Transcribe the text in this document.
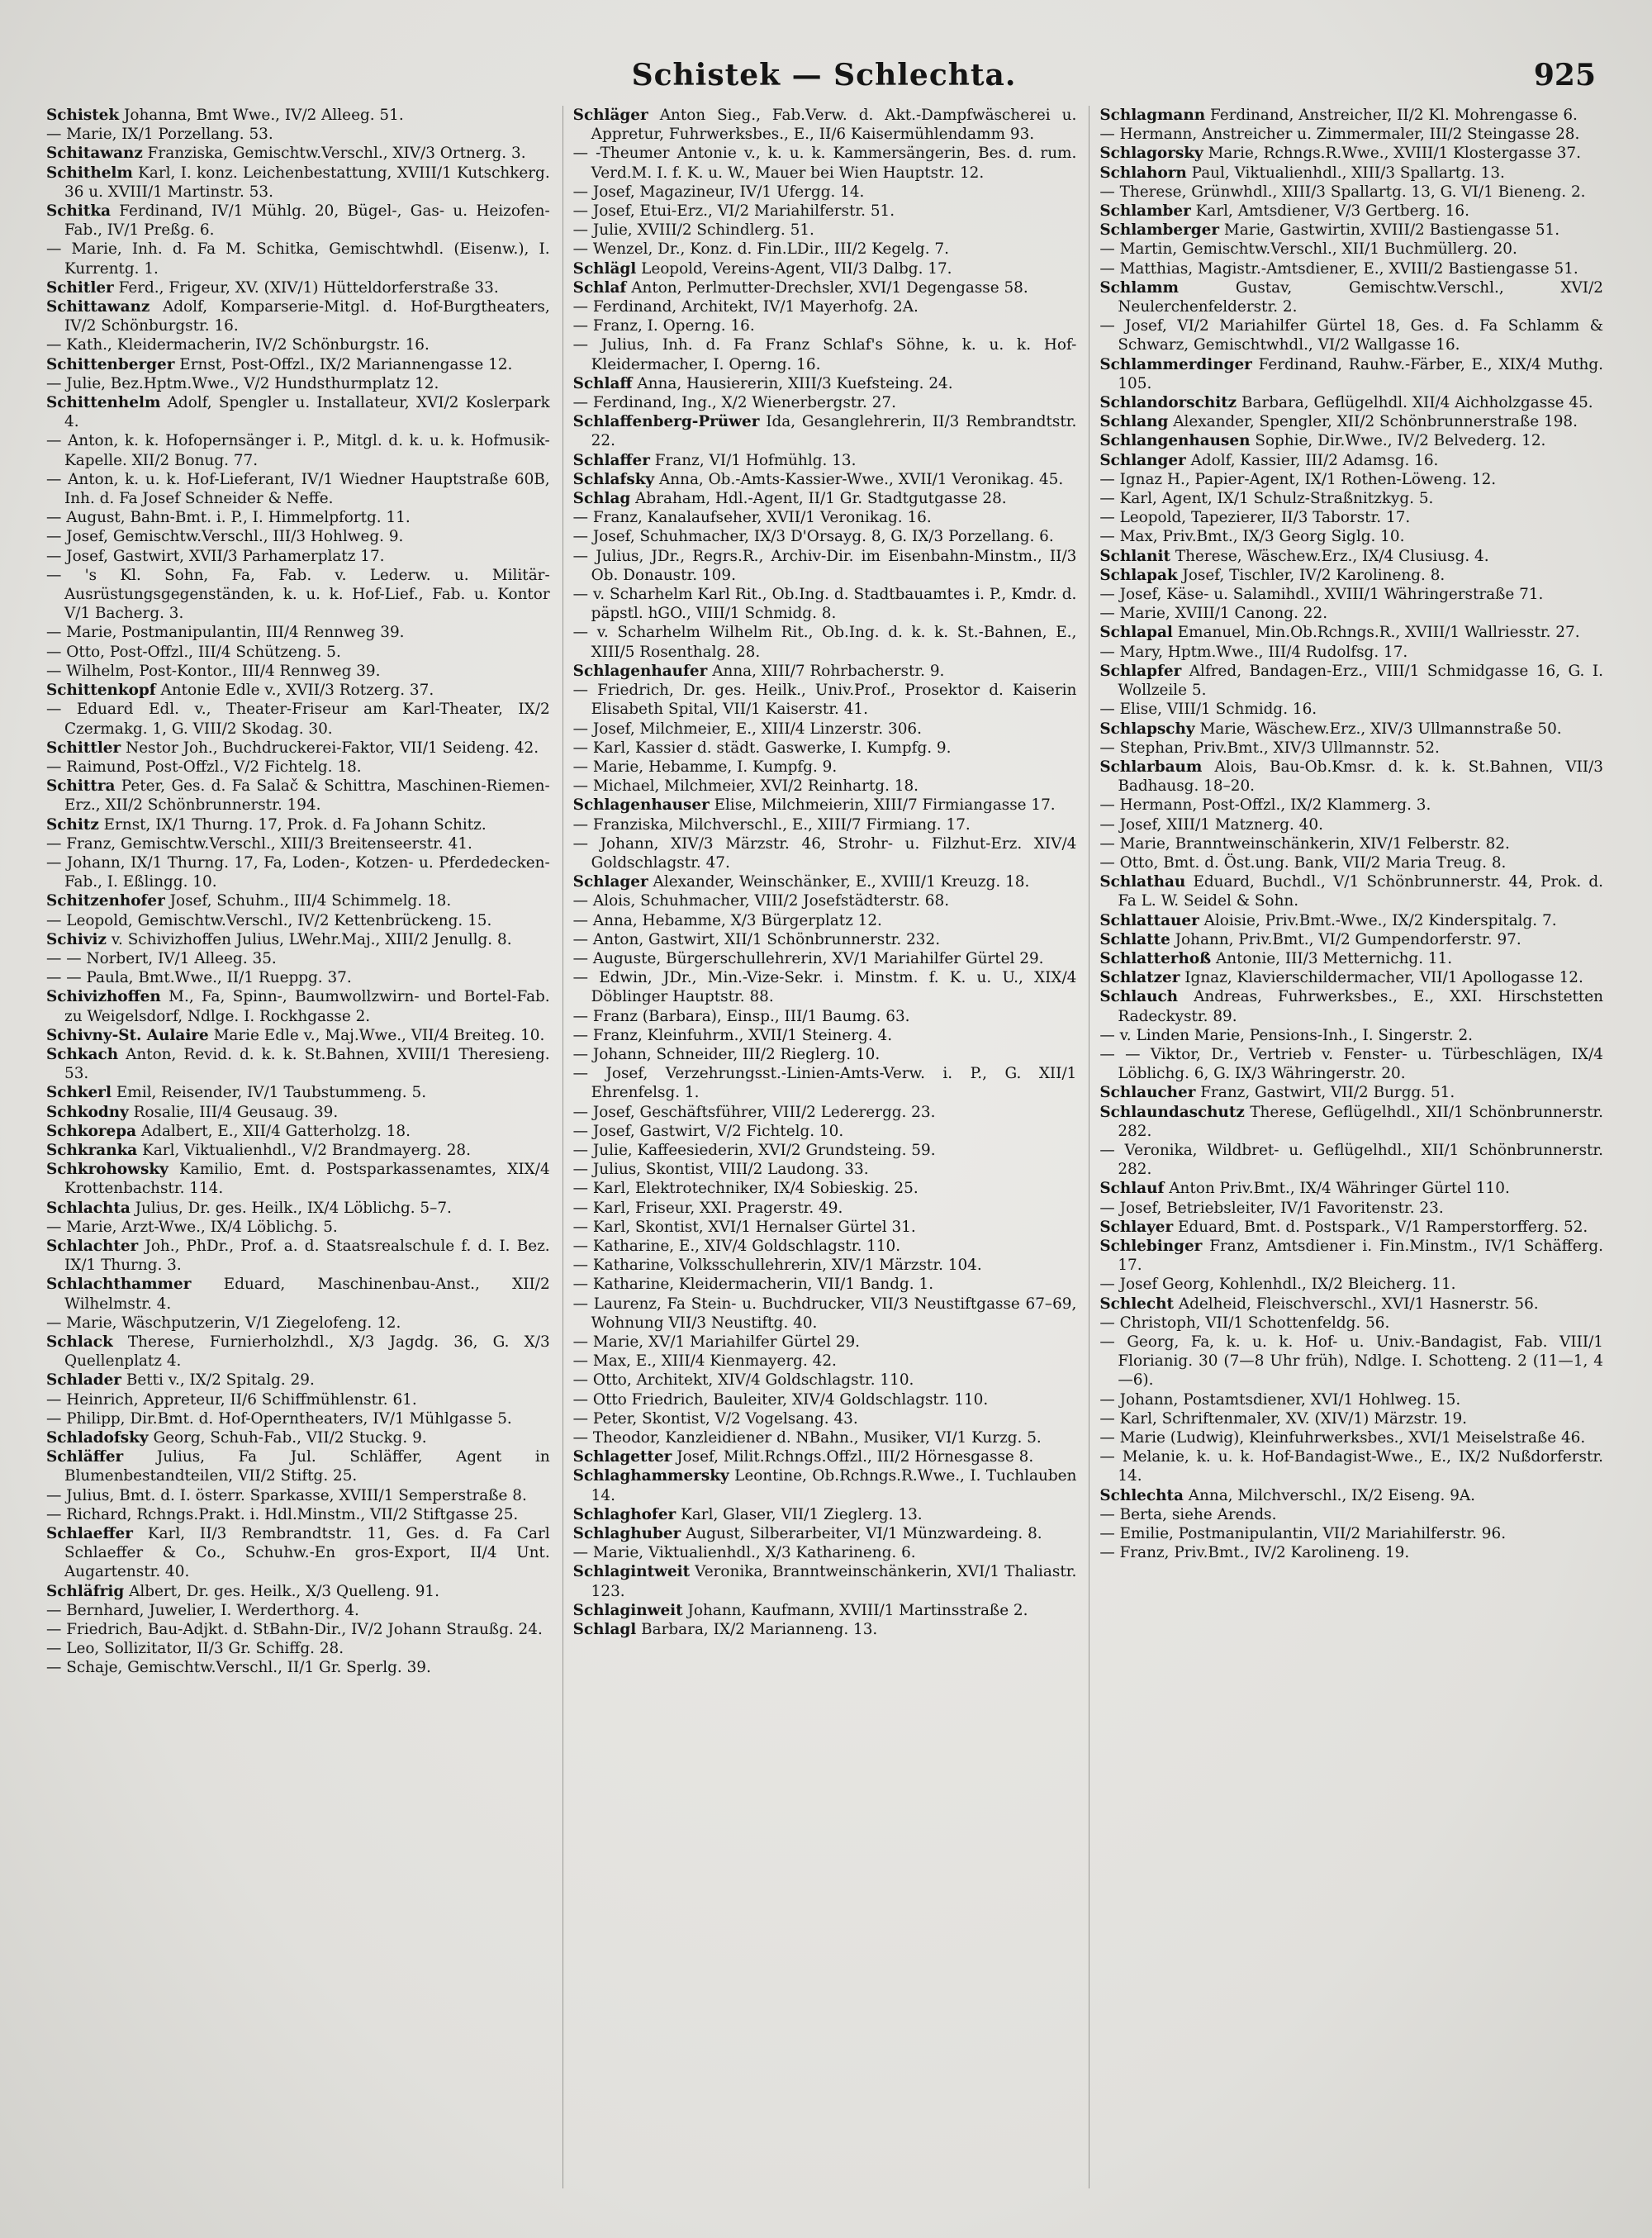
Schistek — Schlechta.	925

Schistek Johanna, Bmt Wwe., IV/2 Alleeg. 51.

— Marie, IX/1 Porzellang. 53.

Schitawanz Franziska, Gemischtw.Verschl., XIV/3 Ortnerg. 3.

Schithelm Karl, I. konz. Leichenbestattung, XVIII/1 Kutschkerg. 36 u. XVIII/1 Martinstr. 53.

Schitka Ferdinand, IV/1 Mühlg. 20, Bügel-, Gas- u. Heizofen-Fab., IV/1 Preßg. 6.

— Marie, Inh. d. Fa M. Schitka, Gemischtwhdl. (Eisenw.), I. Kurrentg. 1.

Schitler Ferd., Frigeur, XV. (XIV/1) Hütteldorferstraße 33.

Schittawanz Adolf, Komparserie-Mitgl. d. Hof-Burgtheaters, IV/2 Schönburgstr. 16.

— Kath., Kleidermacherin, IV/2 Schönburgstr. 16.

Schittenberger Ernst, Post-Offzl., IX/2 Mariannengasse 12.

— Julie, Bez.Hptm.Wwe., V/2 Hundsthurmplatz 12.

Schittenhelm Adolf, Spengler u. Installateur, XVI/2 Koslerpark 4.

— Anton, k. k. Hofopernsänger i. P., Mitgl. d. k. u. k. Hofmusik-Kapelle. XII/2 Bonug. 77.

— Anton, k. u. k. Hof-Lieferant, IV/1 Wiedner Hauptstraße 60B, Inh. d. Fa Josef Schneider & Neffe.

— August, Bahn-Bmt. i. P., I. Himmelpfortg. 11.

— Josef, Gemischtw.Verschl., III/3 Hohlweg. 9.

— Josef, Gastwirt, XVII/3 Parhamerplatz 17.

— 's Kl. Sohn, Fa, Fab. v. Lederw. u. Militär-Ausrüstungsgegenständen, k. u. k. Hof-Lief., Fab. u. Kontor V/1 Bacherg. 3.

— Marie, Postmanipulantin, III/4 Rennweg 39.

— Otto, Post-Offzl., III/4 Schützeng. 5.

— Wilhelm, Post-Kontor., III/4 Rennweg 39.

Schittenkopf Antonie Edle v., XVII/3 Rotzerg. 37.

— Eduard Edl. v., Theater-Friseur am Karl-Theater, IX/2 Czermakg. 1, G. VIII/2 Skodag. 30.

Schittler Nestor Joh., Buchdruckerei-Faktor, VII/1 Seideng. 42.

— Raimund, Post-Offzl., V/2 Fichtelg. 18.

Schittra Peter, Ges. d. Fa Salač & Schittra, Maschinen-Riemen-Erz., XII/2 Schönbrunnerstr. 194.

Schitz Ernst, IX/1 Thurng. 17, Prok. d. Fa Johann Schitz.

— Franz, Gemischtw.Verschl., XIII/3 Breitenseerstr. 41.

— Johann, IX/1 Thurng. 17, Fa, Loden-, Kotzen- u. Pferdedecken-Fab., I. Eßlingg. 10.

Schitzenhofer Josef, Schuhm., III/4 Schimmelg. 18.

— Leopold, Gemischtw.Verschl., IV/2 Kettenbrückeng. 15.

Schiviz v. Schivizhoffen Julius, LWehr.Maj., XIII/2 Jenullg. 8.

— — Norbert, IV/1 Alleeg. 35.

— — Paula, Bmt.Wwe., II/1 Rueppg. 37.

Schivizhoffen M., Fa, Spinn-, Baumwollzwirn- und Bortel-Fab. zu Weigelsdorf, Ndlge. I. Rockhgasse 2.

Schivny-St. Aulaire Marie Edle v., Maj.Wwe., VII/4 Breiteg. 10.

Schkach Anton, Revid. d. k. k. St.Bahnen, XVIII/1 Theresieng. 53.

Schkerl Emil, Reisender, IV/1 Taubstummeng. 5.

Schkodny Rosalie, III/4 Geusaug. 39.

Schkorepa Adalbert, E., XII/4 Gatterholzg. 18.

Schkranka Karl, Viktualienhdl., V/2 Brandmayerg. 28.

Schkrohowsky Kamilio, Emt. d. Postsparkassenamtes, XIX/4 Krottenbachstr. 114.

Schlachta Julius, Dr. ges. Heilk., IX/4 Löblichg. 5–7.

— Marie, Arzt-Wwe., IX/4 Löblichg. 5.

Schlachter Joh., PhDr., Prof. a. d. Staatsrealschule f. d. I. Bez. IX/1 Thurng. 3.

Schlachthammer Eduard, Maschinenbau-Anst., XII/2 Wilhelmstr. 4.

— Marie, Wäschputzerin, V/1 Ziegelofeng. 12.

Schlack Therese, Furnierholzhdl., X/3 Jagdg. 36, G. X/3 Quellenplatz 4.

Schlader Betti v., IX/2 Spitalg. 29.

— Heinrich, Appreteur, II/6 Schiffmühlenstr. 61.

— Philipp, Dir.Bmt. d. Hof-Operntheaters, IV/1 Mühlgasse 5.

Schladofsky Georg, Schuh-Fab., VII/2 Stuckg. 9.

Schläffer Julius, Fa Jul. Schläffer, Agent in Blumenbestandteilen, VII/2 Stiftg. 25.

— Julius, Bmt. d. I. österr. Sparkasse, XVIII/1 Semperstraße 8.

— Richard, Rchngs.Prakt. i. Hdl.Minstm., VII/2 Stiftgasse 25.

Schlaeffer Karl, II/3 Rembrandtstr. 11, Ges. d. Fa Carl Schlaeffer & Co., Schuhw.-En gros-Export, II/4 Unt. Augartenstr. 40.

Schläfrig Albert, Dr. ges. Heilk., X/3 Quelleng. 91.

— Bernhard, Juwelier, I. Werderthorg. 4.

— Friedrich, Bau-Adjkt. d. StBahn-Dir., IV/2 Johann Straußg. 24.

— Leo, Sollizitator, II/3 Gr. Schiffg. 28.

— Schaje, Gemischtw.Verschl., II/1 Gr. Sperlg. 39.

Schläger Anton Sieg., Fab.Verw. d. Akt.-Dampfwäscherei u. Appretur, Fuhrwerksbes., E., II/6 Kaisermühlendamm 93.

— -Theumer Antonie v., k. u. k. Kammersängerin, Bes. d. rum. Verd.M. I. f. K. u. W., Mauer bei Wien Hauptstr. 12.

— Josef, Magazineur, IV/1 Ufergg. 14.

— Josef, Etui-Erz., VI/2 Mariahilferstr. 51.

— Julie, XVIII/2 Schindlerg. 51.

— Wenzel, Dr., Konz. d. Fin.LDir., III/2 Kegelg. 7.

Schlägl Leopold, Vereins-Agent, VII/3 Dalbg. 17.

Schlaf Anton, Perlmutter-Drechsler, XVI/1 Degengasse 58.

— Ferdinand, Architekt, IV/1 Mayerhofg. 2A.

— Franz, I. Operng. 16.

— Julius, Inh. d. Fa Franz Schlaf's Söhne, k. u. k. Hof-Kleidermacher, I. Operng. 16.

Schlaff Anna, Hausiererin, XIII/3 Kuefsteing. 24.

— Ferdinand, Ing., X/2 Wienerbergstr. 27.

Schlaffenberg-Prüwer Ida, Gesanglehrerin, II/3 Rembrandtstr. 22.

Schlaffer Franz, VI/1 Hofmühlg. 13.

Schlafsky Anna, Ob.-Amts-Kassier-Wwe., XVII/1 Veronikag. 45.

Schlag Abraham, Hdl.-Agent, II/1 Gr. Stadtgutgasse 28.

— Franz, Kanalaufseher, XVII/1 Veronikag. 16.

— Josef, Schuhmacher, IX/3 D'Orsayg. 8, G. IX/3 Porzellang. 6.

— Julius, JDr., Regrs.R., Archiv-Dir. im Eisenbahn-Minstm., II/3 Ob. Donaustr. 109.

— v. Scharhelm Karl Rit., Ob.Ing. d. Stadtbauamtes i. P., Kmdr. d. päpstl. hGO., VIII/1 Schmidg. 8.

— v. Scharhelm Wilhelm Rit., Ob.Ing. d. k. k. St.-Bahnen, E., XIII/5 Rosenthalg. 28.

Schlagenhaufer Anna, XIII/7 Rohrbacherstr. 9.

— Friedrich, Dr. ges. Heilk., Univ.Prof., Prosektor d. Kaiserin Elisabeth Spital, VII/1 Kaiserstr. 41.

— Josef, Milchmeier, E., XIII/4 Linzerstr. 306.

— Karl, Kassier d. städt. Gaswerke, I. Kumpfg. 9.

— Marie, Hebamme, I. Kumpfg. 9.

— Michael, Milchmeier, XVI/2 Reinhartg. 18.

Schlagenhauser Elise, Milchmeierin, XIII/7 Firmiangasse 17.

— Franziska, Milchverschl., E., XIII/7 Firmiang. 17.

— Johann, XIV/3 Märzstr. 46, Strohr- u. Filzhut-Erz. XIV/4 Goldschlagstr. 47.

Schlager Alexander, Weinschänker, E., XVIII/1 Kreuzg. 18.

— Alois, Schuhmacher, VIII/2 Josefstädterstr. 68.

— Anna, Hebamme, X/3 Bürgerplatz 12.

— Anton, Gastwirt, XII/1 Schönbrunnerstr. 232.

— Auguste, Bürgerschullehrerin, XV/1 Mariahilfer Gürtel 29.

— Edwin, JDr., Min.-Vize-Sekr. i. Minstm. f. K. u. U., XIX/4 Döblinger Hauptstr. 88.

— Franz (Barbara), Einsp., III/1 Baumg. 63.

— Franz, Kleinfuhrm., XVII/1 Steinerg. 4.

— Johann, Schneider, III/2 Rieglerg. 10.

— Josef, Verzehrungsst.-Linien-Amts-Verw. i. P., G. XII/1 Ehrenfelsg. 1.

— Josef, Geschäftsführer, VIII/2 Lederergg. 23.

— Josef, Gastwirt, V/2 Fichtelg. 10.

— Julie, Kaffeesiederin, XVI/2 Grundsteing. 59.

— Julius, Skontist, VIII/2 Laudong. 33.

— Karl, Elektrotechniker, IX/4 Sobieskig. 25.

— Karl, Friseur, XXI. Pragerstr. 49.

— Karl, Skontist, XVI/1 Hernalser Gürtel 31.

— Katharine, E., XIV/4 Goldschlagstr. 110.

— Katharine, Volksschullehrerin, XIV/1 Märzstr. 104.

— Katharine, Kleidermacherin, VII/1 Bandg. 1.

— Laurenz, Fa Stein- u. Buchdrucker, VII/3 Neustiftgasse 67–69, Wohnung VII/3 Neustiftg. 40.

— Marie, XV/1 Mariahilfer Gürtel 29.

— Max, E., XIII/4 Kienmayerg. 42.

— Otto, Architekt, XIV/4 Goldschlagstr. 110.

— Otto Friedrich, Bauleiter, XIV/4 Goldschlagstr. 110.

— Peter, Skontist, V/2 Vogelsang. 43.

— Theodor, Kanzleidiener d. NBahn., Musiker, VI/1 Kurzg. 5.

Schlagetter Josef, Milit.Rchngs.Offzl., III/2 Hörnesgasse 8.

Schlaghammersky Leontine, Ob.Rchngs.R.Wwe., I. Tuchlauben 14.

Schlaghofer Karl, Glaser, VII/1 Zieglerg. 13.

Schlaghuber August, Silberarbeiter, VI/1 Münzwardeing. 8.

— Marie, Viktualienhdl., X/3 Katharineng. 6.

Schlagintweit Veronika, Branntweinschänkerin, XVI/1 Thaliastr. 123.

Schlaginweit Johann, Kaufmann, XVIII/1 Martinsstraße 2.

Schlagl Barbara, IX/2 Marianneng. 13.

Schlagmann Ferdinand, Anstreicher, II/2 Kl. Mohrengasse 6.

— Hermann, Anstreicher u. Zimmermaler, III/2 Steingasse 28.

Schlagorsky Marie, Rchngs.R.Wwe., XVIII/1 Klostergasse 37.

Schlahorn Paul, Viktualienhdl., XIII/3 Spallartg. 13.

— Therese, Grünwhdl., XIII/3 Spallartg. 13, G. VI/1 Bieneng. 2.

Schlamber Karl, Amtsdiener, V/3 Gertberg. 16.

Schlamberger Marie, Gastwirtin, XVIII/2 Bastiengasse 51.

— Martin, Gemischtw.Verschl., XII/1 Buchmüllerg. 20.

— Matthias, Magistr.-Amtsdiener, E., XVIII/2 Bastiengasse 51.

Schlamm	Gustav, Gemischtw.Verschl., XVI/2 Neulerchenfelderstr. 2.

— Josef, VI/2 Mariahilfer Gürtel 18, Ges. d. Fa Schlamm & Schwarz, Gemischtwhdl., VI/2 Wallgasse 16.

Schlammerdinger Ferdinand, Rauhw.-Färber, E., XIX/4 Muthg. 105.

Schlandorschitz Barbara, Geflügelhdl. XII/4 Aichholzgasse 45.

Schlang Alexander, Spengler, XII/2 Schönbrunnerstraße 198.

Schlangenhausen Sophie, Dir.Wwe., IV/2 Belvederg. 12.

Schlanger Adolf, Kassier, III/2 Adamsg. 16.

— Ignaz H., Papier-Agent, IX/1 Rothen-Löweng. 12.

— Karl, Agent, IX/1 Schulz-Straßnitzkyg. 5.

— Leopold, Tapezierer, II/3 Taborstr. 17.

— Max, Priv.Bmt., IX/3 Georg Siglg. 10.

Schlanit Therese, Wäschew.Erz., IX/4 Clusiusg. 4.

Schlapak Josef, Tischler, IV/2 Karolineng. 8.

— Josef, Käse- u. Salamihdl., XVIII/1 Währingerstraße 71.

— Marie, XVIII/1 Canong. 22.

Schlapal Emanuel, Min.Ob.Rchngs.R., XVIII/1 Wallriesstr. 27.

— Mary, Hptm.Wwe., III/4 Rudolfsg. 17.

Schlapfer Alfred, Bandagen-Erz., VIII/1 Schmidgasse 16, G. I. Wollzeile 5.

— Elise, VIII/1 Schmidg. 16.

Schlapschy Marie, Wäschew.Erz., XIV/3 Ullmannstraße 50.

— Stephan, Priv.Bmt., XIV/3 Ullmannstr. 52.

Schlarbaum Alois, Bau-Ob.Kmsr. d. k. k. St.Bahnen, VII/3 Badhausg. 18–20.

— Hermann, Post-Offzl., IX/2 Klammerg. 3.

— Josef, XIII/1 Matznerg. 40.

— Marie, Branntweinschänkerin, XIV/1 Felberstr. 82.

— Otto, Bmt. d. Öst.ung. Bank, VII/2 Maria Treug. 8.

Schlathau Eduard, Buchdl., V/1 Schönbrunnerstr. 44, Prok. d. Fa L. W. Seidel & Sohn.

Schlattauer Aloisie, Priv.Bmt.-Wwe., IX/2 Kinderspitalg. 7.

Schlatte Johann, Priv.Bmt., VI/2 Gumpendorferstr. 97.

Schlatterhoß Antonie, III/3 Metternichg. 11.

Schlatzer Ignaz, Klavierschildermacher, VII/1 Apollogasse 12.

Schlauch Andreas, Fuhrwerksbes., E., XXI. Hirschstetten Radeckystr. 89.

— v. Linden Marie, Pensions-Inh., I. Singerstr. 2.

— — Viktor, Dr., Vertrieb v. Fenster- u. Türbeschlägen, IX/4 Löblichg. 6, G. IX/3 Währingerstr. 20.

Schlaucher Franz, Gastwirt, VII/2 Burgg. 51.

Schlaundaschutz Therese, Geflügelhdl., XII/1 Schönbrunnerstr. 282.

— Veronika, Wildbret- u. Geflügelhdl., XII/1 Schönbrunnerstr. 282.

Schlauf Anton Priv.Bmt., IX/4 Währinger Gürtel 110.

— Josef, Betriebsleiter, IV/1 Favoritenstr. 23.

Schlayer Eduard, Bmt. d. Postspark., V/1 Ramperstorfferg. 52.

Schlebinger Franz, Amtsdiener i. Fin.Minstm., IV/1 Schäfferg. 17.

— Josef Georg, Kohlenhdl., IX/2 Bleicherg. 11.

Schlecht Adelheid, Fleischverschl., XVI/1 Hasnerstr. 56.

— Christoph, VII/1 Schottenfeldg. 56.

— Georg, Fa, k. u. k. Hof- u. Univ.-Bandagist, Fab. VIII/1 Florianig. 30 (7—8 Uhr früh), Ndlge. I. Schotteng. 2 (11—1, 4—6).

— Johann, Postamtsdiener, XVI/1 Hohlweg. 15.

— Karl, Schriftenmaler, XV. (XIV/1) Märzstr. 19.

— Marie (Ludwig), Kleinfuhrwerksbes., XVI/1 Meiselstraße 46.

— Melanie, k. u. k. Hof-Bandagist-Wwe., E., IX/2 Nußdorferstr. 14.

Schlechta Anna, Milchverschl., IX/2 Eiseng. 9A.

— Berta, siehe Arends.

— Emilie, Postmanipulantin, VII/2 Mariahilferstr. 96.

— Franz, Priv.Bmt., IV/2 Karolineng. 19.
